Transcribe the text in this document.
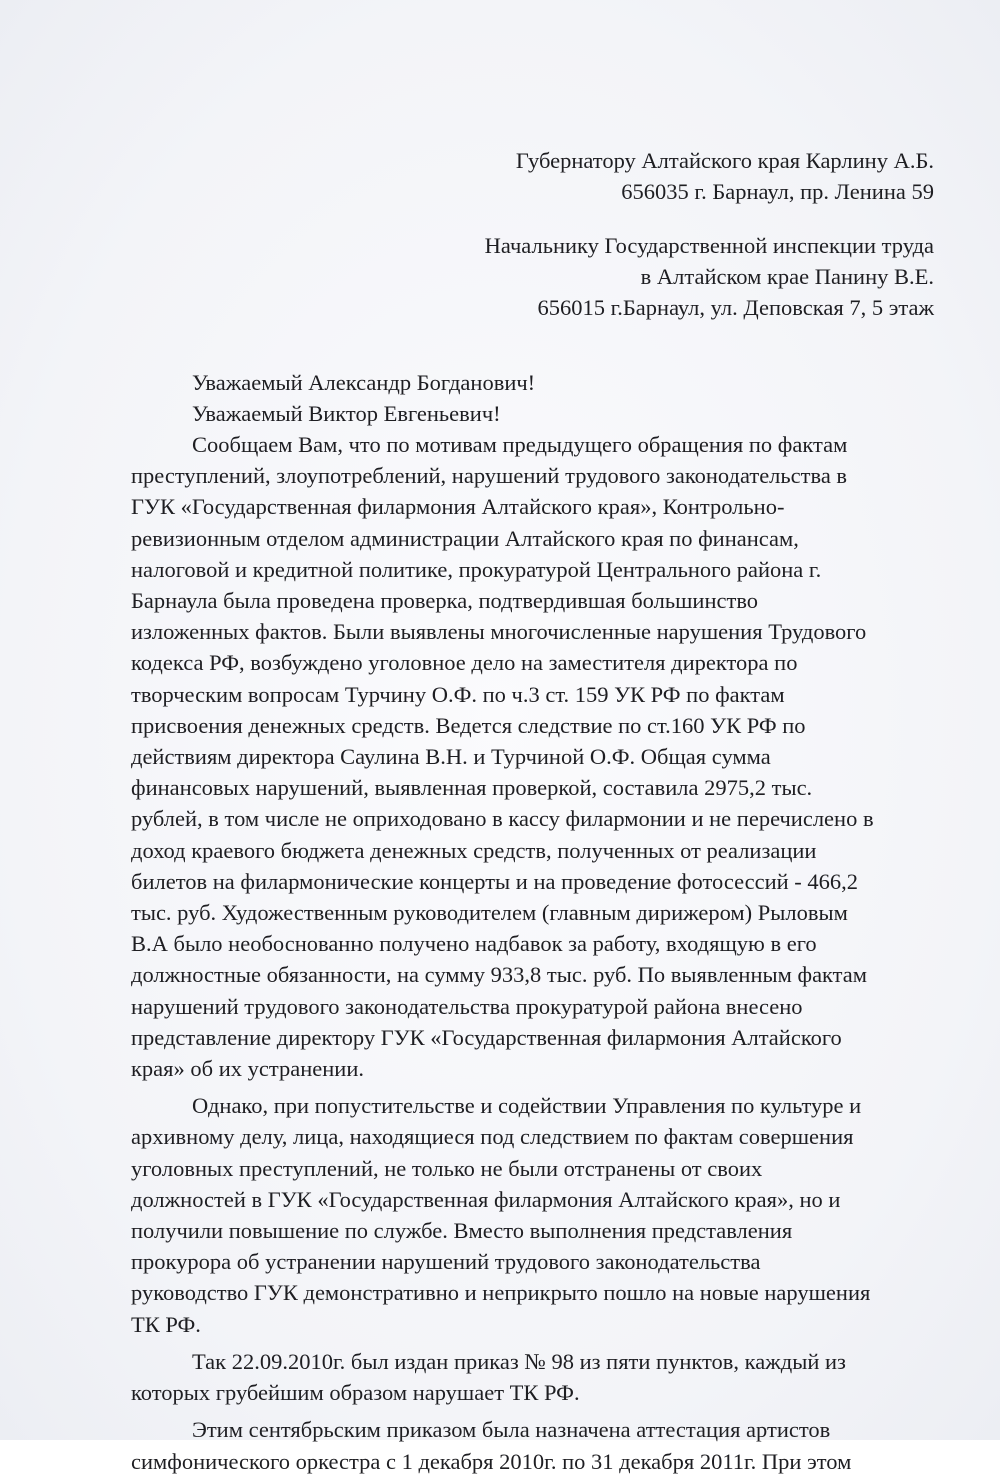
Губернатору Алтайского края Карлину А.Б.
656035 г. Барнаул, пр. Ленина 59
Начальнику Государственной инспекции труда
в Алтайском крае Панину В.Е.
656015 г.Барнаул, ул. Деповская 7, 5 этаж
Уважаемый Александр Богданович!
Уважаемый Виктор Евгеньевич!
Сообщаем Вам, что по мотивам предыдущего обращения по фактам
преступлений, злоупотреблений, нарушений трудового законодательства в
ГУК «Государственная филармония Алтайского края», Контрольно-
ревизионным отделом администрации Алтайского края по финансам,
налоговой и кредитной политике, прокуратурой Центрального района г.
Барнаула была проведена проверка, подтвердившая большинство
изложенных фактов. Были выявлены многочисленные нарушения Трудового
кодекса РФ, возбуждено уголовное дело на заместителя директора по
творческим вопросам Турчину О.Ф. по ч.3 ст. 159 УК РФ по фактам
присвоения денежных средств. Ведется следствие по ст.160 УК РФ по
действиям директора Саулина В.Н. и Турчиной О.Ф. Общая сумма
финансовых нарушений, выявленная проверкой, составила 2975,2 тыс.
рублей, в том числе не оприходовано в кассу филармонии и не перечислено в
доход краевого бюджета денежных средств, полученных от реализации
билетов на филармонические концерты и на проведение фотосессий - 466,2
тыс. руб. Художественным руководителем (главным дирижером) Рыловым
В.А было необоснованно получено надбавок за работу, входящую в его
должностные обязанности, на сумму 933,8 тыс. руб. По выявленным фактам
нарушений трудового законодательства прокуратурой района внесено
представление директору ГУК «Государственная филармония Алтайского
края» об их устранении.
Однако, при попустительстве и содействии Управления по культуре и
архивному делу, лица, находящиеся под следствием по фактам совершения
уголовных преступлений, не только не были отстранены от своих
должностей в ГУК «Государственная филармония Алтайского края», но и
получили повышение по службе. Вместо выполнения представления
прокурора об устранении нарушений трудового законодательства
руководство ГУК демонстративно и неприкрыто пошло на новые нарушения
ТК РФ.
Так 22.09.2010г. был издан приказ № 98 из пяти пунктов, каждый из
которых грубейшим образом нарушает ТК РФ.
Этим сентябрьским приказом была назначена аттестация артистов
симфонического оркестра с 1 декабря 2010г. по 31 декабря 2011г. При этом
